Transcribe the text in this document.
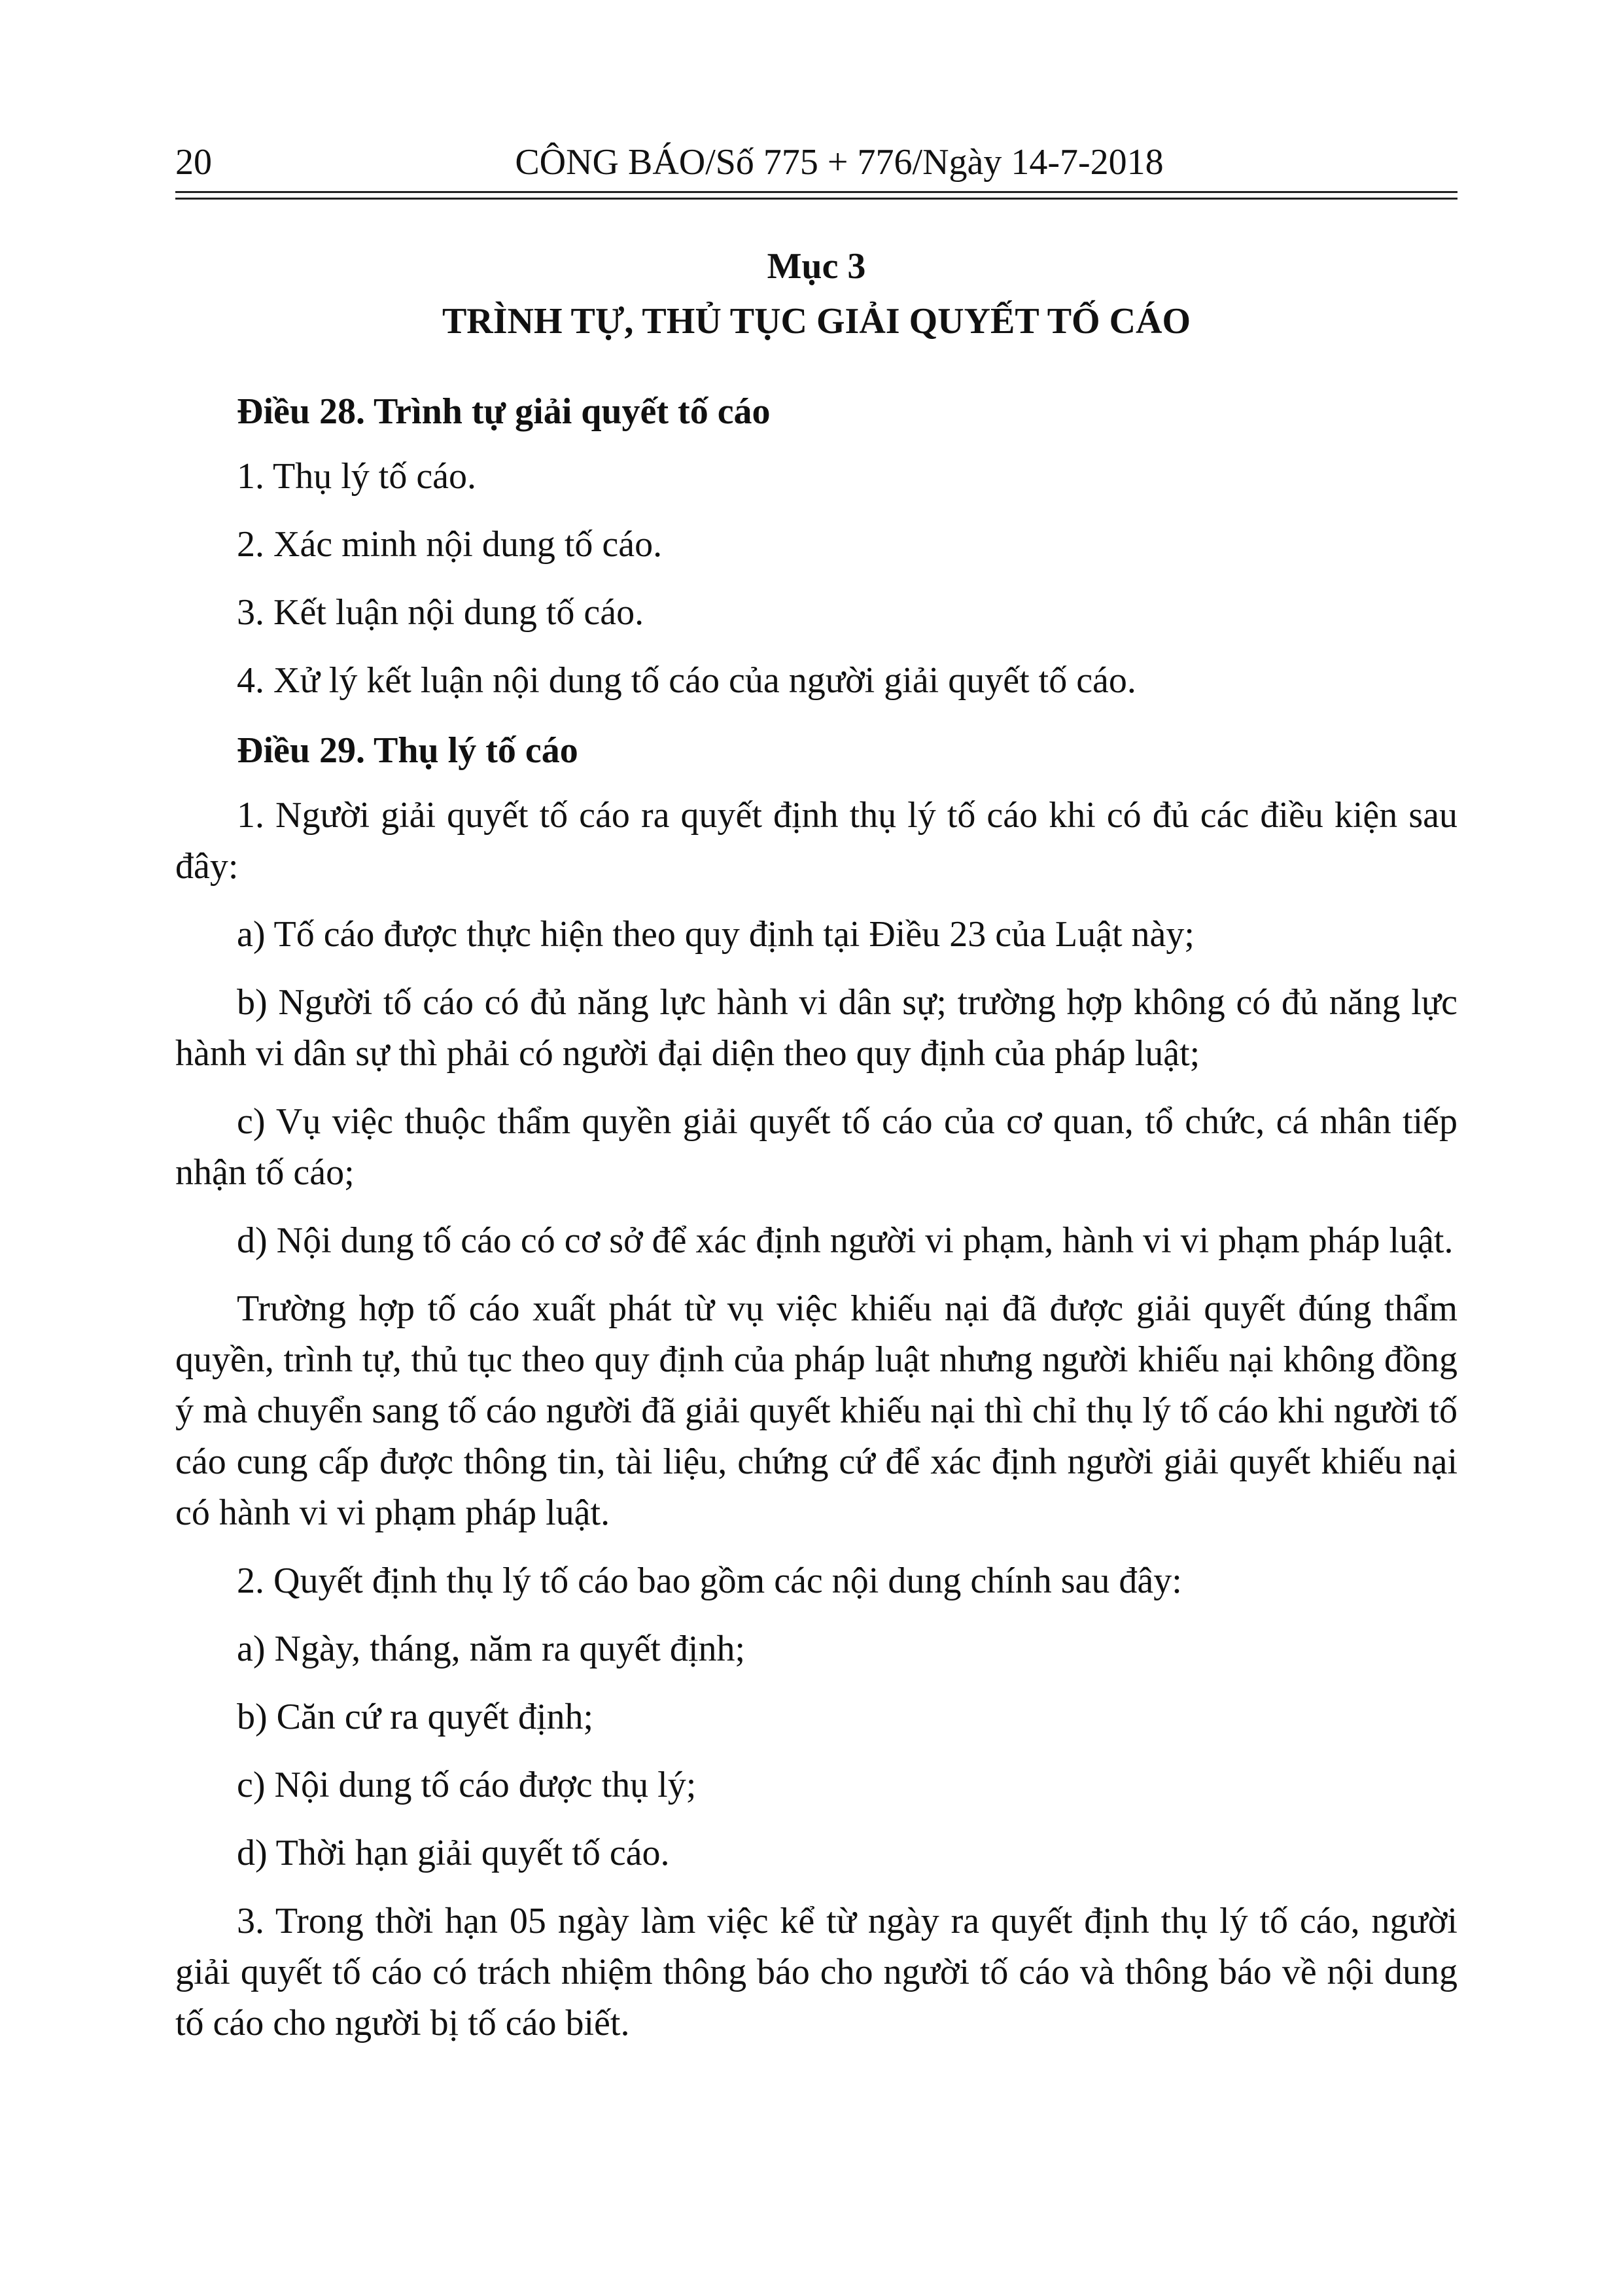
20	CÔNG BÁO/Số 775 + 776/Ngày 14-7-2018

Mục 3

TRÌNH TỰ, THỦ TỤC GIẢI QUYẾT TỐ CÁO

Điều 28. Trình tự giải quyết tố cáo

1. Thụ lý tố cáo.

2. Xác minh nội dung tố cáo.

3. Kết luận nội dung tố cáo.

4. Xử lý kết luận nội dung tố cáo của người giải quyết tố cáo.

Điều 29. Thụ lý tố cáo

1. Người giải quyết tố cáo ra quyết định thụ lý tố cáo khi có đủ các điều kiện sau đây:

a) Tố cáo được thực hiện theo quy định tại Điều 23 của Luật này;

b) Người tố cáo có đủ năng lực hành vi dân sự; trường hợp không có đủ năng lực hành vi dân sự thì phải có người đại diện theo quy định của pháp luật;

c) Vụ việc thuộc thẩm quyền giải quyết tố cáo của cơ quan, tổ chức, cá nhân tiếp nhận tố cáo;

d) Nội dung tố cáo có cơ sở để xác định người vi phạm, hành vi vi phạm pháp luật.

Trường hợp tố cáo xuất phát từ vụ việc khiếu nại đã được giải quyết đúng thẩm quyền, trình tự, thủ tục theo quy định của pháp luật nhưng người khiếu nại không đồng ý mà chuyển sang tố cáo người đã giải quyết khiếu nại thì chỉ thụ lý tố cáo khi người tố cáo cung cấp được thông tin, tài liệu, chứng cứ để xác định người giải quyết khiếu nại có hành vi vi phạm pháp luật.

2. Quyết định thụ lý tố cáo bao gồm các nội dung chính sau đây:

a) Ngày, tháng, năm ra quyết định;

b) Căn cứ ra quyết định;

c) Nội dung tố cáo được thụ lý;

d) Thời hạn giải quyết tố cáo.

3. Trong thời hạn 05 ngày làm việc kể từ ngày ra quyết định thụ lý tố cáo, người giải quyết tố cáo có trách nhiệm thông báo cho người tố cáo và thông báo về nội dung tố cáo cho người bị tố cáo biết.
